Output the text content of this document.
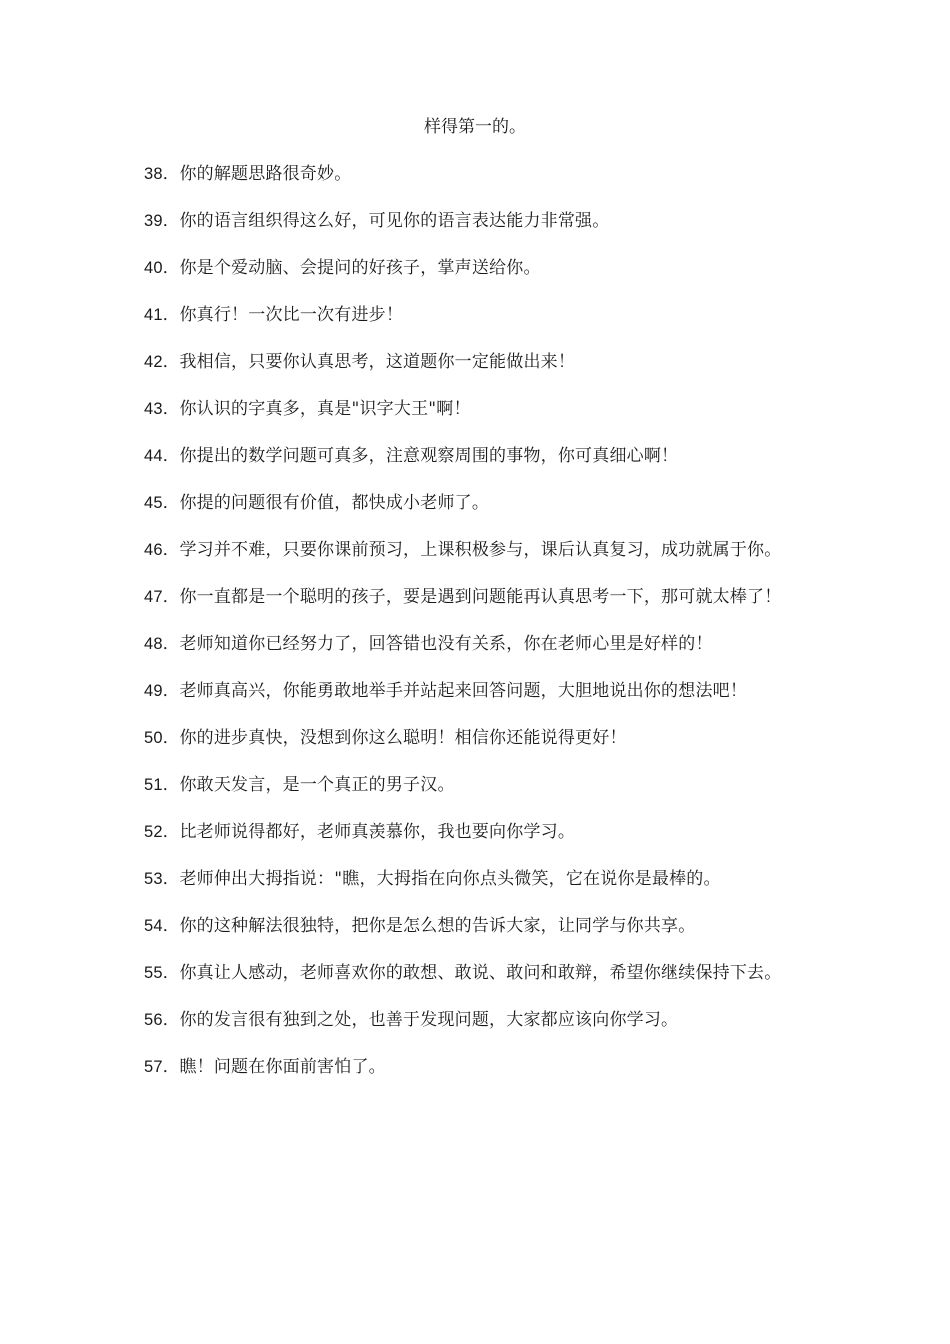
样得第一的。
38．你的解题思路很奇妙。
39．你的语言组织得这么好，可见你的语言表达能力非常强。
40．你是个爱动脑、会提问的好孩子，掌声送给你。
41．你真行！一次比一次有进步！
42．我相信，只要你认真思考，这道题你一定能做出来！
43．你认识的字真多，真是"识字大王"啊！
44．你提出的数学问题可真多，注意观察周围的事物，你可真细心啊！
45．你提的问题很有价值，都快成小老师了。
46．学习并不难，只要你课前预习，上课积极参与，课后认真复习，成功就属于你。
47．你一直都是一个聪明的孩子，要是遇到问题能再认真思考一下，那可就太棒了！
48．老师知道你已经努力了，回答错也没有关系，你在老师心里是好样的！
49．老师真高兴，你能勇敢地举手并站起来回答问题，大胆地说出你的想法吧！
50．你的进步真快，没想到你这么聪明！相信你还能说得更好！
51．你敢天发言，是一个真正的男子汉。
52．比老师说得都好，老师真羡慕你，我也要向你学习。
53．老师伸出大拇指说："瞧，大拇指在向你点头微笑，它在说你是最棒的。
54．你的这种解法很独特，把你是怎么想的告诉大家，让同学与你共享。
55．你真让人感动，老师喜欢你的敢想、敢说、敢问和敢辩，希望你继续保持下去。
56．你的发言很有独到之处，也善于发现问题，大家都应该向你学习。
57．瞧！问题在你面前害怕了。
